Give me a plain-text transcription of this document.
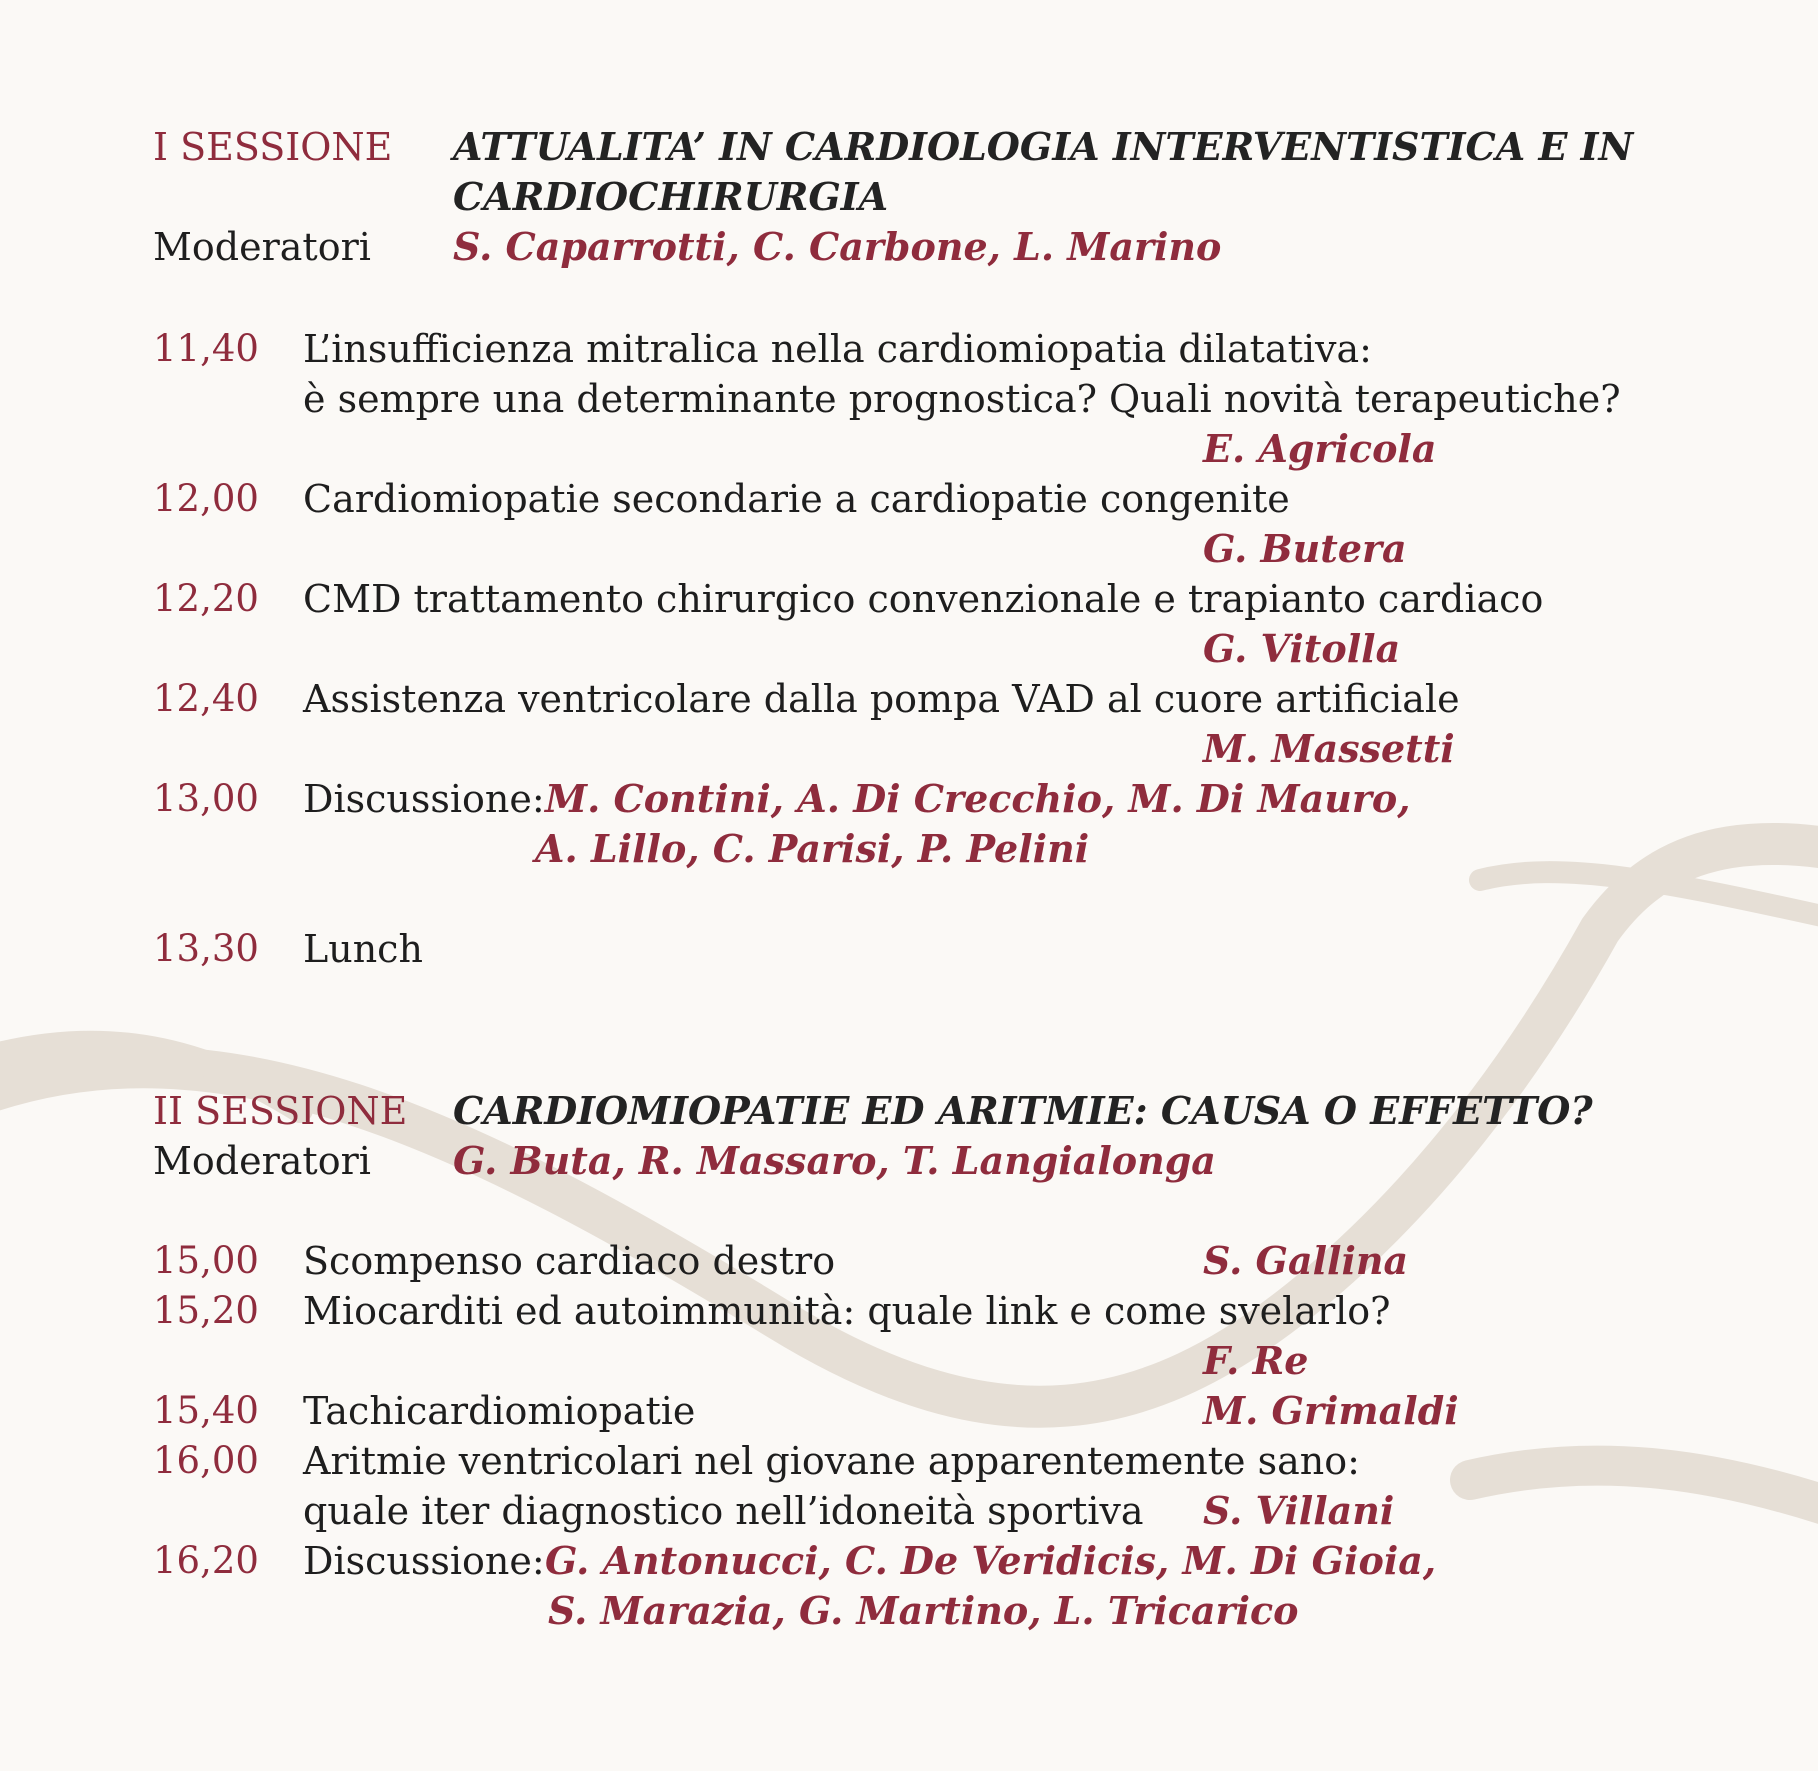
I SESSIONE ATTUALITA’ IN CARDIOLOGIA INTERVENTISTICA E IN
CARDIOCHIRURGIA
Moderatori S. Caparrotti, C. Carbone, L. Marino
11,40 L’insufficienza mitralica nella cardiomiopatia dilatativa:
è sempre una determinante prognostica? Quali novità terapeutiche?
E. Agricola
12,00 Cardiomiopatie secondarie a cardiopatie congenite
G. Butera
12,20 CMD trattamento chirurgico convenzionale e trapianto cardiaco
G. Vitolla
12,40 Assistenza ventricolare dalla pompa VAD al cuore artificiale
M. Massetti
13,00 Discussione: M. Contini, A. Di Crecchio, M. Di Mauro,
A. Lillo, C. Parisi, P. Pelini
13,30 Lunch
II SESSIONE CARDIOMIOPATIE ED ARITMIE: CAUSA O EFFETTO?
Moderatori G. Buta, R. Massaro, T. Langialonga
15,00 Scompenso cardiaco destro	S. Gallina
15,20 Miocarditi ed autoimmunità: quale link e come svelarlo?
F. Re
15,40 Tachicardiomiopatie	M. Grimaldi
16,00 Aritmie ventricolari nel giovane apparentemente sano:
quale iter diagnostico nell’idoneità sportiva S. Villani
16,20 Discussione: G. Antonucci, C. De Veridicis, M. Di Gioia,
S. Marazia, G. Martino, L. Tricarico
